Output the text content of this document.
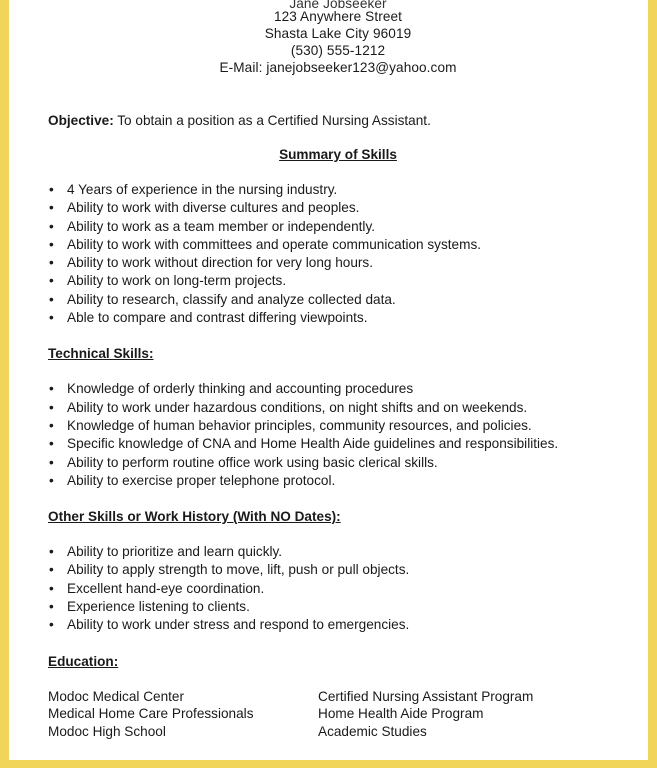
Jane Jobseeker
123 Anywhere Street
Shasta Lake City 96019
(530) 555-1212
E-Mail: janejobseeker123@yahoo.com
Objective: To obtain a position as a Certified Nursing Assistant.
Summary of Skills
• 4 Years of experience in the nursing industry.
• Ability to work with diverse cultures and peoples.
• Ability to work as a team member or independently.
• Ability to work with committees and operate communication systems.
• Ability to work without direction for very long hours.
• Ability to work on long-term projects.
• Ability to research, classify and analyze collected data.
• Able to compare and contrast differing viewpoints.
Technical Skills:
• Knowledge of orderly thinking and accounting procedures
• Ability to work under hazardous conditions, on night shifts and on weekends.
• Knowledge of human behavior principles, community resources, and policies.
• Specific knowledge of CNA and Home Health Aide guidelines and responsibilities.
• Ability to perform routine office work using basic clerical skills.
• Ability to exercise proper telephone protocol.
Other Skills or Work History (With NO Dates):
• Ability to prioritize and learn quickly.
• Ability to apply strength to move, lift, push or pull objects.
• Excellent hand-eye coordination.
• Experience listening to clients.
• Ability to work under stress and respond to emergencies.
Education:
Modoc Medical Center	Certified Nursing Assistant Program
Medical Home Care Professionals	Home Health Aide Program
Modoc High School	Academic Studies
